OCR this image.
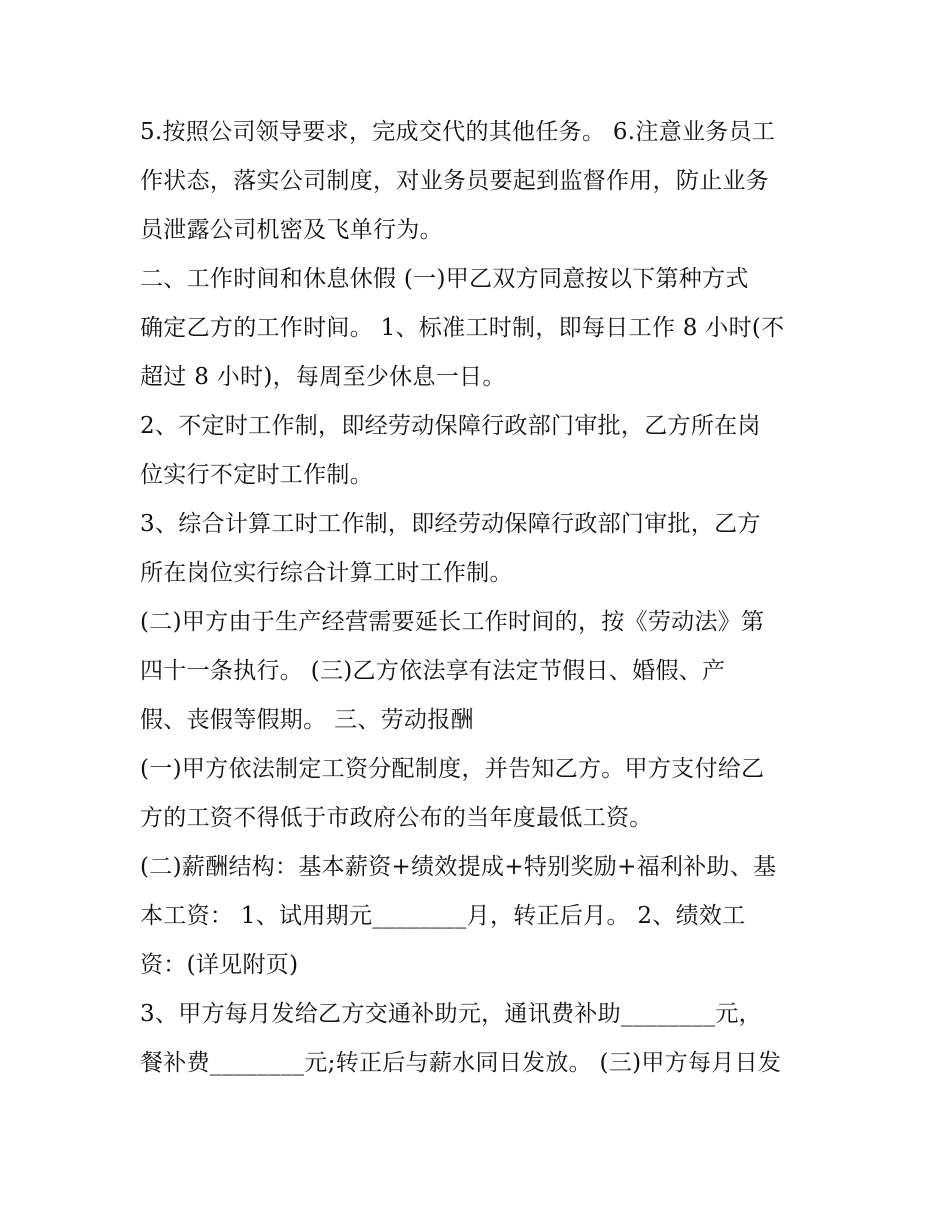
5.按照公司领导要求，完成交代的其他任务。 6.注意业务员工
作状态，落实公司制度，对业务员要起到监督作用，防止业务
员泄露公司机密及飞单行为。
二、工作时间和休息休假 (一)甲乙双方同意按以下第种方式
确定乙方的工作时间。 1、标准工时制，即每日工作 8 小时(不
超过 8 小时)，每周至少休息一日。
2、不定时工作制，即经劳动保障行政部门审批，乙方所在岗
位实行不定时工作制。
3、综合计算工时工作制，即经劳动保障行政部门审批，乙方
所在岗位实行综合计算工时工作制。
(二)甲方由于生产经营需要延长工作时间的，按《劳动法》第
四十一条执行。 (三)乙方依法享有法定节假日、婚假、产
假、丧假等假期。 三、劳动报酬
(一)甲方依法制定工资分配制度，并告知乙方。甲方支付给乙
方的工资不得低于市政府公布的当年度最低工资。
(二)薪酬结构：基本薪资+绩效提成+特别奖励+福利补助、基
本工资： 1、试用期元________月，转正后月。 2、绩效工
资：(详见附页)
3、甲方每月发给乙方交通补助元，通讯费补助________元，
餐补费________元;转正后与薪水同日发放。 (三)甲方每月日发
